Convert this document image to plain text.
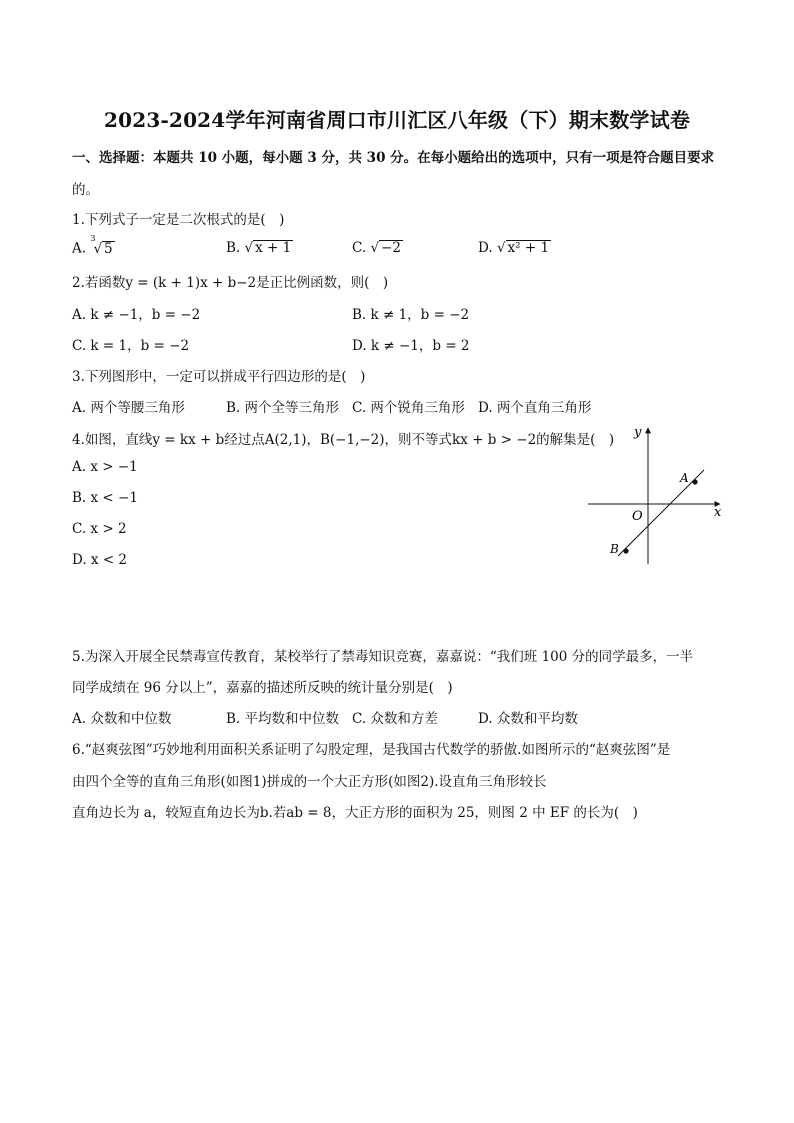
2023-2024学年河南省周口市川汇区八年级（下）期末数学试卷
一、选择题：本题共 10 小题，每小题 3 分，共 30 分。在每小题给出的选项中，只有一项是符合题目要求
的。
1.下列式子一定是二次根式的是(　)
A. $^3$√ 5	B. √ x + 1	C. √ −2	D. √ x² + 1
2.若函数y = (k + 1)x + b−2是正比例函数，则(　)
A. k ≠ −1，b = −2	B. k ≠ 1，b = −2
C. k = 1，b = −2	D. k ≠ −1，b = 2
3.下列图形中，一定可以拼成平行四边形的是(　)
A. 两个等腰三角形	B. 两个全等三角形 C. 两个锐角三角形 D. 两个直角三角形
4.如图，直线y = kx + b经过点A(2,1)，B(−1,−2)，则不等式kx + b > −2的解集是(　)
A. x > −1
B. x < −1
C. x > 2
D. x < 2
x
y
O
A
B
5.为深入开展全民禁毒宣传教育，某校举行了禁毒知识竞赛，嘉嘉说：“我们班 100 分的同学最多，一半
同学成绩在 96 分以上”，嘉嘉的描述所反映的统计量分别是(　)
A. 众数和中位数	B. 平均数和中位数 C. 众数和方差	D. 众数和平均数
6.“赵爽弦图”巧妙地利用面积关系证明了勾股定理，是我国古代数学的骄傲.如图所示的“赵爽弦图”是
由四个全等的直角三角形(如图1)拼成的一个大正方形(如图2).设直角三角形较长
直角边长为 a，较短直角边长为b.若ab = 8，大正方形的面积为 25，则图 2 中 EF 的长为(　)
